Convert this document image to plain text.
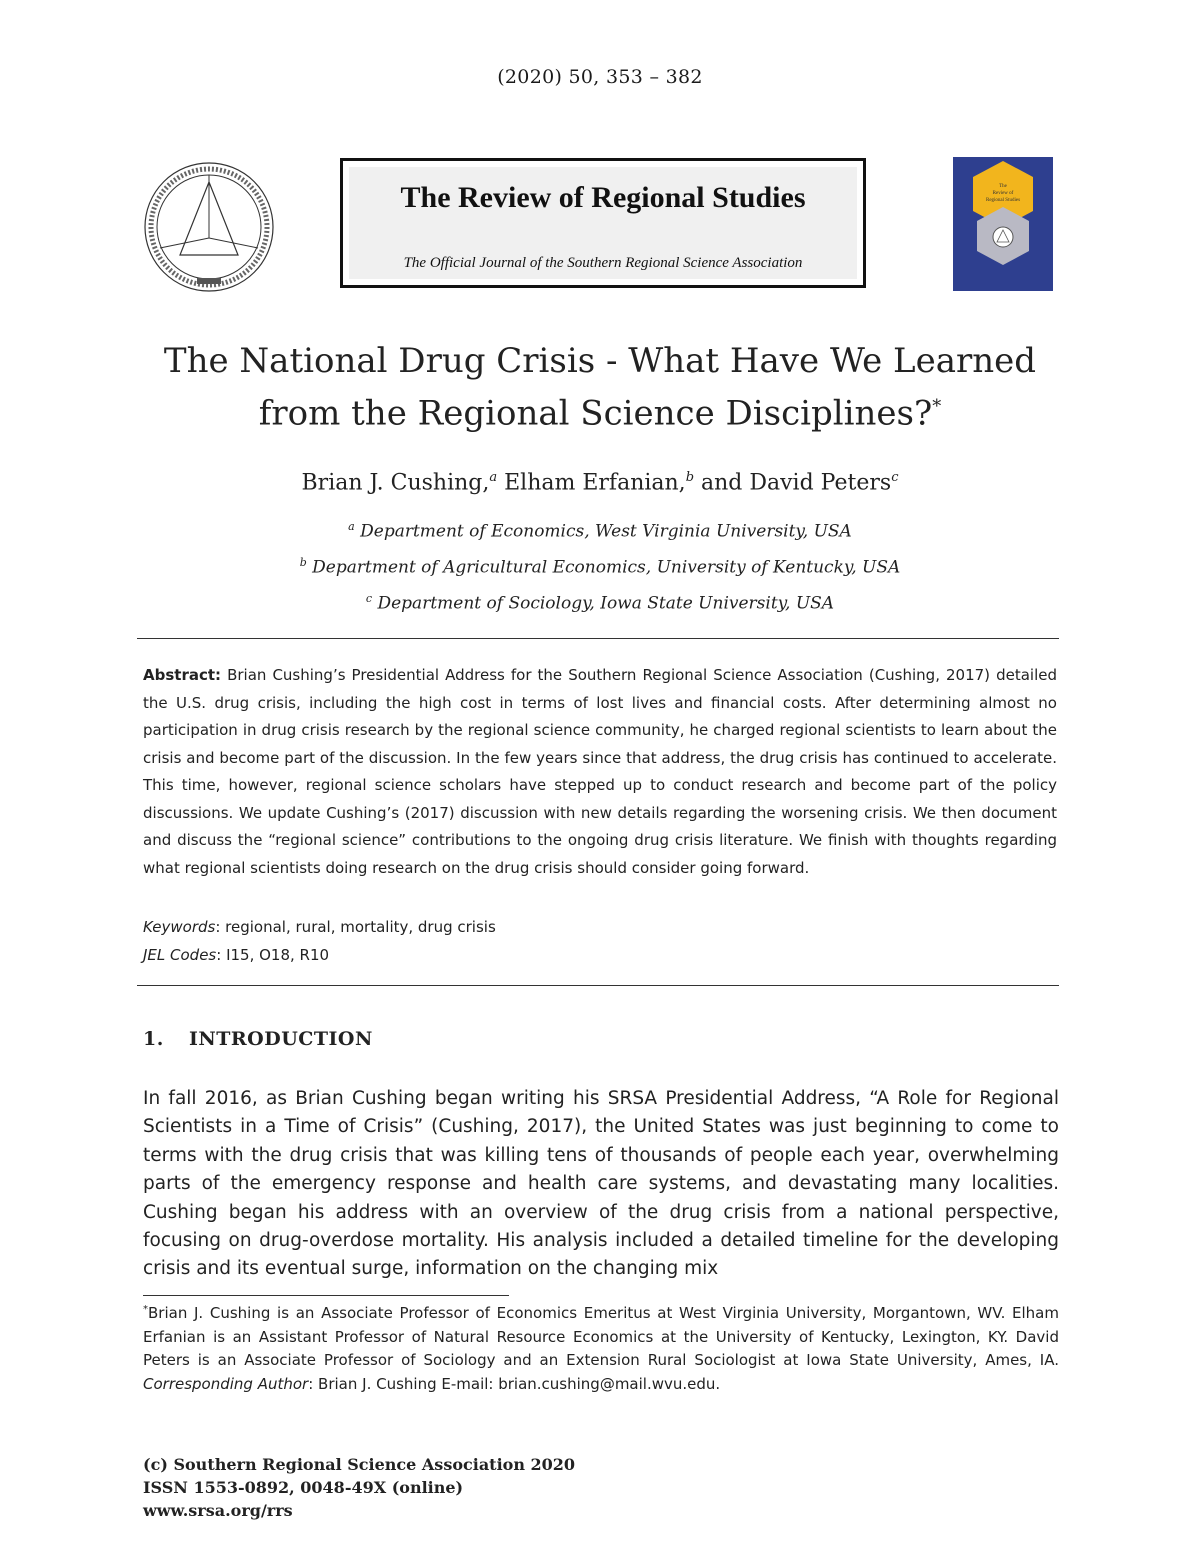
(2020) 50, 353 – 382
The Review of Regional Studies
The Official Journal of the Southern Regional Science Association
The
Review of
Regional Studies
The National Drug Crisis - What Have We Learned
from the Regional Science Disciplines?*
Brian J. Cushing,$^a$ Elham Erfanian,$^b$ and David Peters$^c$
$^a$ Department of Economics, West Virginia University, USA
$^b$ Department of Agricultural Economics, University of Kentucky, USA
$^c$ Department of Sociology, Iowa State University, USA
Abstract: Brian Cushing’s Presidential Address for the Southern Regional Science Association (Cushing, 2017) detailed the U.S. drug crisis, including the high cost in terms of lost lives and financial costs. After determining almost no participation in drug crisis research by the regional science community, he charged regional scientists to learn about the crisis and become part of the discussion. In the few years since that address, the drug crisis has continued to accelerate. This time, however, regional science scholars have stepped up to conduct research and become part of the policy discussions. We update Cushing’s (2017) discussion with new details regarding the worsening crisis. We then document and discuss the “regional science” contributions to the ongoing drug crisis literature. We finish with thoughts regarding what regional scientists doing research on the drug crisis should consider going forward.
Keywords: regional, rural, mortality, drug crisis
JEL Codes: I15, O18, R10
1. INTRODUCTION
In fall 2016, as Brian Cushing began writing his SRSA Presidential Address, “A Role for Regional Scientists in a Time of Crisis” (Cushing, 2017), the United States was just beginning to come to terms with the drug crisis that was killing tens of thousands of people each year, overwhelming parts of the emergency response and health care systems, and devastating many localities. Cushing began his address with an overview of the drug crisis from a national perspective, focusing on drug-overdose mortality. His analysis included a detailed timeline for the developing crisis and its eventual surge, information on the changing mix
*Brian J. Cushing is an Associate Professor of Economics Emeritus at West Virginia University, Morgantown, WV. Elham Erfanian is an Assistant Professor of Natural Resource Economics at the University of Kentucky, Lexington, KY. David Peters is an Associate Professor of Sociology and an Extension Rural Sociologist at Iowa State University, Ames, IA. Corresponding Author: Brian J. Cushing E-mail: brian.cushing@mail.wvu.edu.
(c) Southern Regional Science Association 2020
ISSN 1553-0892, 0048-49X (online)
www.srsa.org/rrs
